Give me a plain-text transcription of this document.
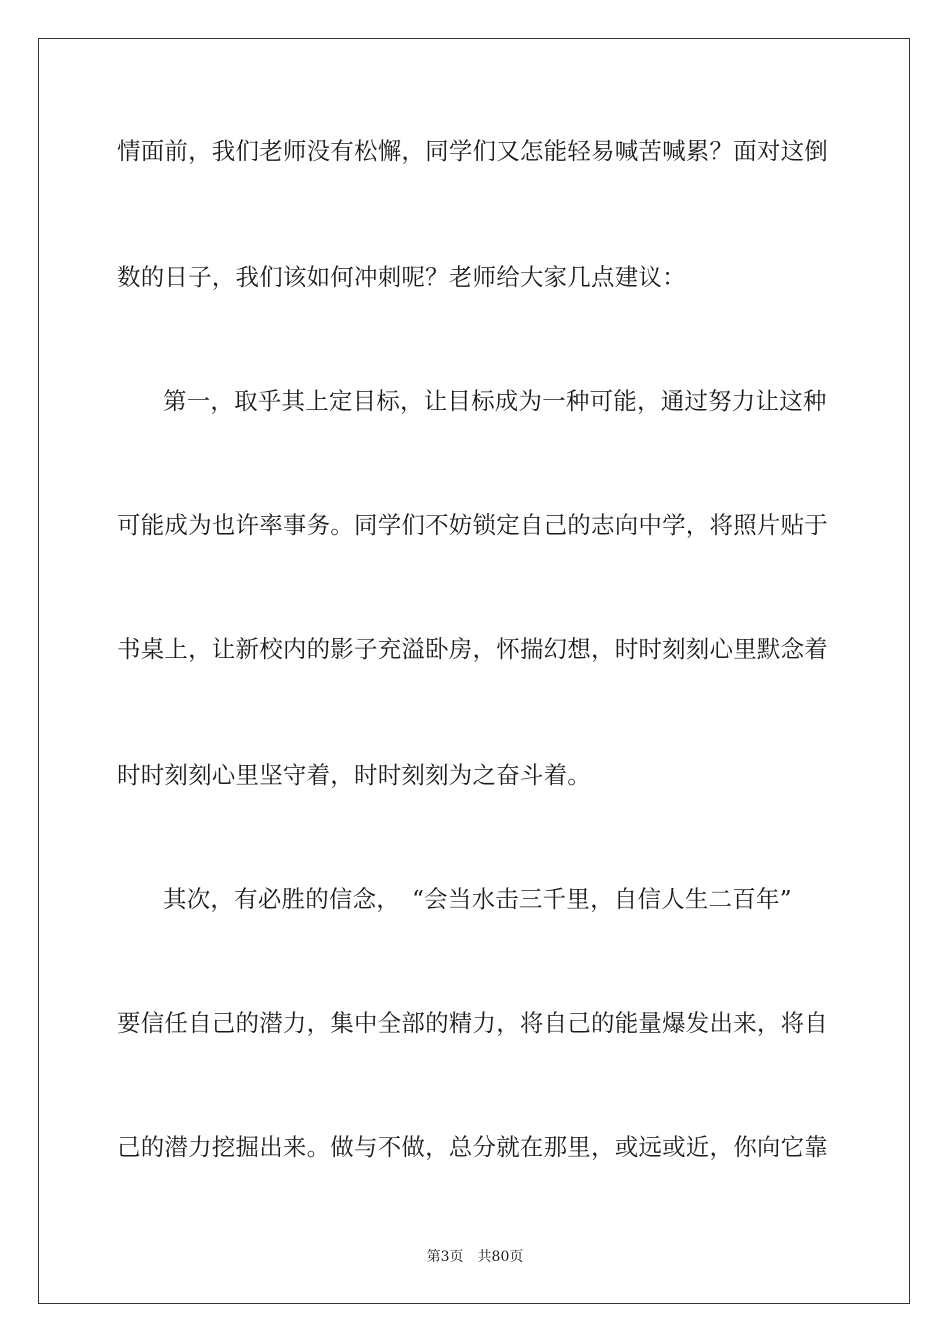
情面前，我们老师没有松懈，同学们又怎能轻易喊苦喊累？面对这倒
数的日子，我们该如何冲刺呢？老师给大家几点建议：
第一，取乎其上定目标，让目标成为一种可能，通过努力让这种
可能成为也许率事务。同学们不妨锁定自己的志向中学，将照片贴于
书桌上，让新校内的影子充溢卧房，怀揣幻想，时时刻刻心里默念着
时时刻刻心里坚守着，时时刻刻为之奋斗着。
其次，有必胜的信念，　“会当水击三千里，自信人生二百年”
要信任自己的潜力，集中全部的精力，将自己的能量爆发出来，将自
己的潜力挖掘出来。做与不做，总分就在那里，或远或近，你向它靠
第3页　共80页
